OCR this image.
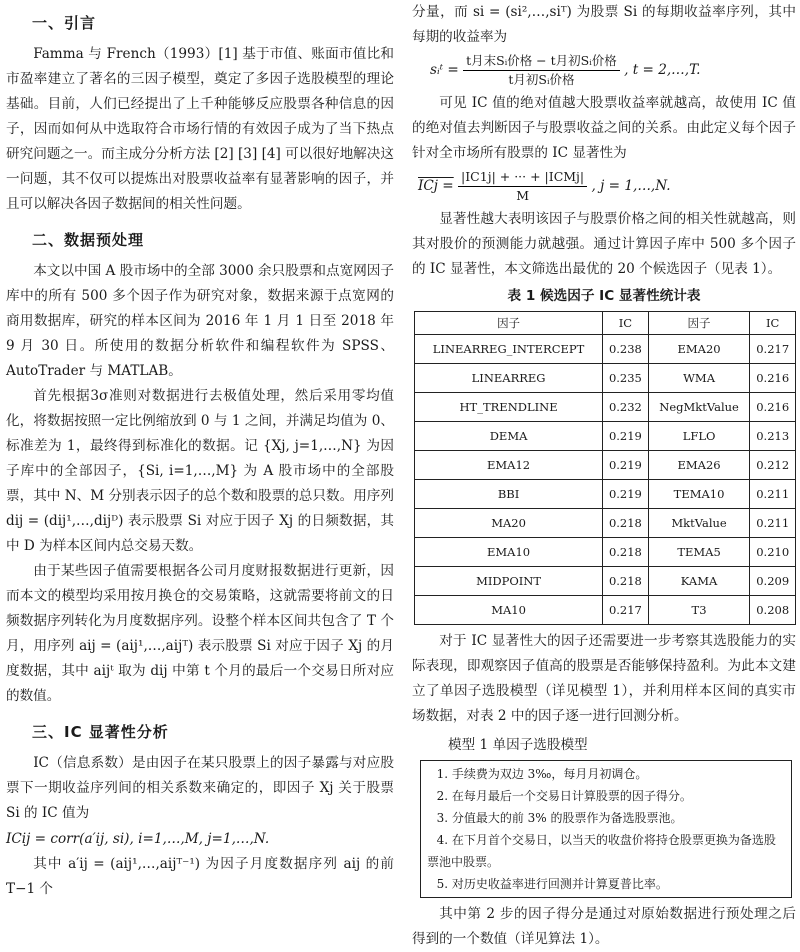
一、引言

Famma 与 French（1993）[1] 基于市值、账面市值比和市盈率建立了著名的三因子模型，奠定了多因子选股模型的理论基础。目前，人们已经提出了上千种能够反应股票各种信息的因子，因而如何从中选取符合市场行情的有效因子成为了当下热点研究问题之一。而主成分分析方法 [2] [3] [4] 可以很好地解决这一问题，其不仅可以提炼出对股票收益率有显著影响的因子，并且可以解决各因子数据间的相关性问题。

二、数据预处理

本文以中国 A 股市场中的全部 3000 余只股票和点宽网因子库中的所有 500 多个因子作为研究对象，数据来源于点宽网的商用数据库，研究的样本区间为 2016 年 1 月 1 日至 2018 年 9 月 30 日。所使用的数据分析软件和编程软件为 SPSS、AutoTrader 与 MATLAB。

首先根据3σ准则对数据进行去极值处理，然后采用零均值化，将数据按照一定比例缩放到 0 与 1 之间，并满足均值为 0、标准差为 1，最终得到标准化的数据。记 {Xj, j=1,…,N} 为因子库中的全部因子，{Si, i=1,…,M} 为 A 股市场中的全部股票，其中 N、M 分别表示因子的总个数和股票的总只数。用序列 dij = (dij¹,…,dijᴰ) 表示股票 Si 对应于因子 Xj 的日频数据，其中 D 为样本区间内总交易天数。

由于某些因子值需要根据各公司月度财报数据进行更新，因而本文的模型均采用按月换仓的交易策略，这就需要将前文的日频数据序列转化为月度数据序列。设整个样本区间共包含了 T 个月，用序列 aij = (aij¹,…,aijᵀ) 表示股票 Si 对应于因子 Xj 的月度数据，其中 aijᵗ 取为 dij 中第 t 个月的最后一个交易日所对应的数值。

三、IC 显著性分析

IC（信息系数）是由因子在某只股票上的因子暴露与对应股票下一期收益序列间的相关系数来确定的，即因子 Xj 关于股票 Si 的 IC 值为

ICij = corr(a′ij, si), i=1,…,M, j=1,…,N.

其中 a′ij = (aij¹,…,aijᵀ⁻¹) 为因子月度数据序列 aij 的前 T−1 个

分量，而 si = (si²,…,siᵀ) 为股票 Si 的每期收益率序列，其中每期的收益率为

sᵢᵗ = $\frac{\text{t月末Sᵢ价格 − t月初Sᵢ价格}}{\text{t月初Sᵢ价格}}$ , t = 2,…,T.

可见 IC 值的绝对值越大股票收益率就越高，故使用 IC 值的绝对值去判断因子与股票收益之间的关系。由此定义每个因子针对全市场所有股票的 IC 显著性为

ICj = $\frac{\text{|IC1j| + ··· + |ICMj|}}{M}$ , j = 1,…,N.

显著性越大表明该因子与股票价格之间的相关性就越高，则其对股价的预测能力就越强。通过计算因子库中 500 多个因子的 IC 显著性，本文筛选出最优的 20 个候选因子（见表 1）。

表 1 候选因子 IC 显著性统计表
因子	IC	因子	IC
LINEARREG_INTERCEPT	0.238	EMA20	0.217
LINEARREG	0.235	WMA	0.216
HT_TRENDLINE	0.232	NegMktValue	0.216
DEMA	0.219	LFLO	0.213
EMA12	0.219	EMA26	0.212
BBI	0.219	TEMA10	0.211
MA20	0.218	MktValue	0.211
EMA10	0.218	TEMA5	0.210
MIDPOINT	0.218	KAMA	0.209
MA10	0.217	T3	0.208

对于 IC 显著性大的因子还需要进一步考察其选股能力的实际表现，即观察因子值高的股票是否能够保持盈利。为此本文建立了单因子选股模型（详见模型 1），并利用样本区间的真实市场数据，对表 2 中的因子逐一进行回测分析。

模型 1 单因子选股模型
1. 手续费为双边 3‰，每月月初调仓。
2. 在每月最后一个交易日计算股票的因子得分。
3. 分值最大的前 3% 的股票作为备选股票池。
4. 在下月首个交易日，以当天的收盘价将持仓股票更换为备选股票池中股票。
5. 对历史收益率进行回测并计算夏普比率。

其中第 2 步的因子得分是通过对原始数据进行预处理之后得到的一个数值（详见算法 1）。
